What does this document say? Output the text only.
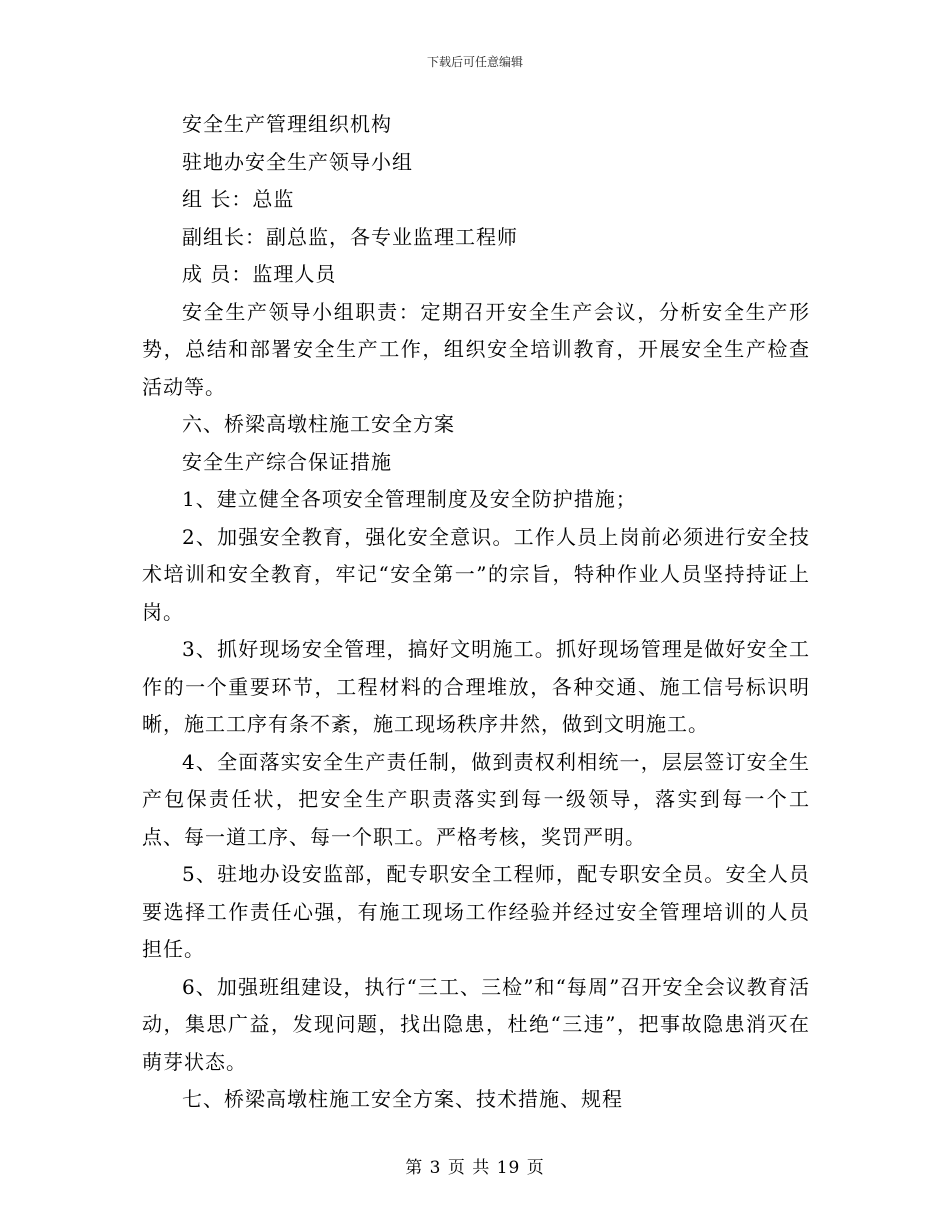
下载后可任意编辑

安全生产管理组织机构

驻地办安全生产领导小组

组 长：总监

副组长：副总监，各专业监理工程师

成 员：监理人员

安全生产领导小组职责：定期召开安全生产会议，分析安全生产形势，总结和部署安全生产工作，组织安全培训教育，开展安全生产检查活动等。

六、桥梁高墩柱施工安全方案

安全生产综合保证措施

1、建立健全各项安全管理制度及安全防护措施；

2、加强安全教育，强化安全意识。工作人员上岗前必须进行安全技术培训和安全教育，牢记“安全第一”的宗旨，特种作业人员坚持持证上岗。

3、抓好现场安全管理，搞好文明施工。抓好现场管理是做好安全工作的一个重要环节，工程材料的合理堆放，各种交通、施工信号标识明晰，施工工序有条不紊，施工现场秩序井然，做到文明施工。

4、全面落实安全生产责任制，做到责权利相统一，层层签订安全生产包保责任状，把安全生产职责落实到每一级领导，落实到每一个工点、每一道工序、每一个职工。严格考核，奖罚严明。

5、驻地办设安监部，配专职安全工程师，配专职安全员。安全人员要选择工作责任心强，有施工现场工作经验并经过安全管理培训的人员担任。

6、加强班组建设，执行“三工、三检”和“每周”召开安全会议教育活动，集思广益，发现问题，找出隐患，杜绝“三违”，把事故隐患消灭在萌芽状态。

七、桥梁高墩柱施工安全方案、技术措施、规程

第 3 页 共 19 页
